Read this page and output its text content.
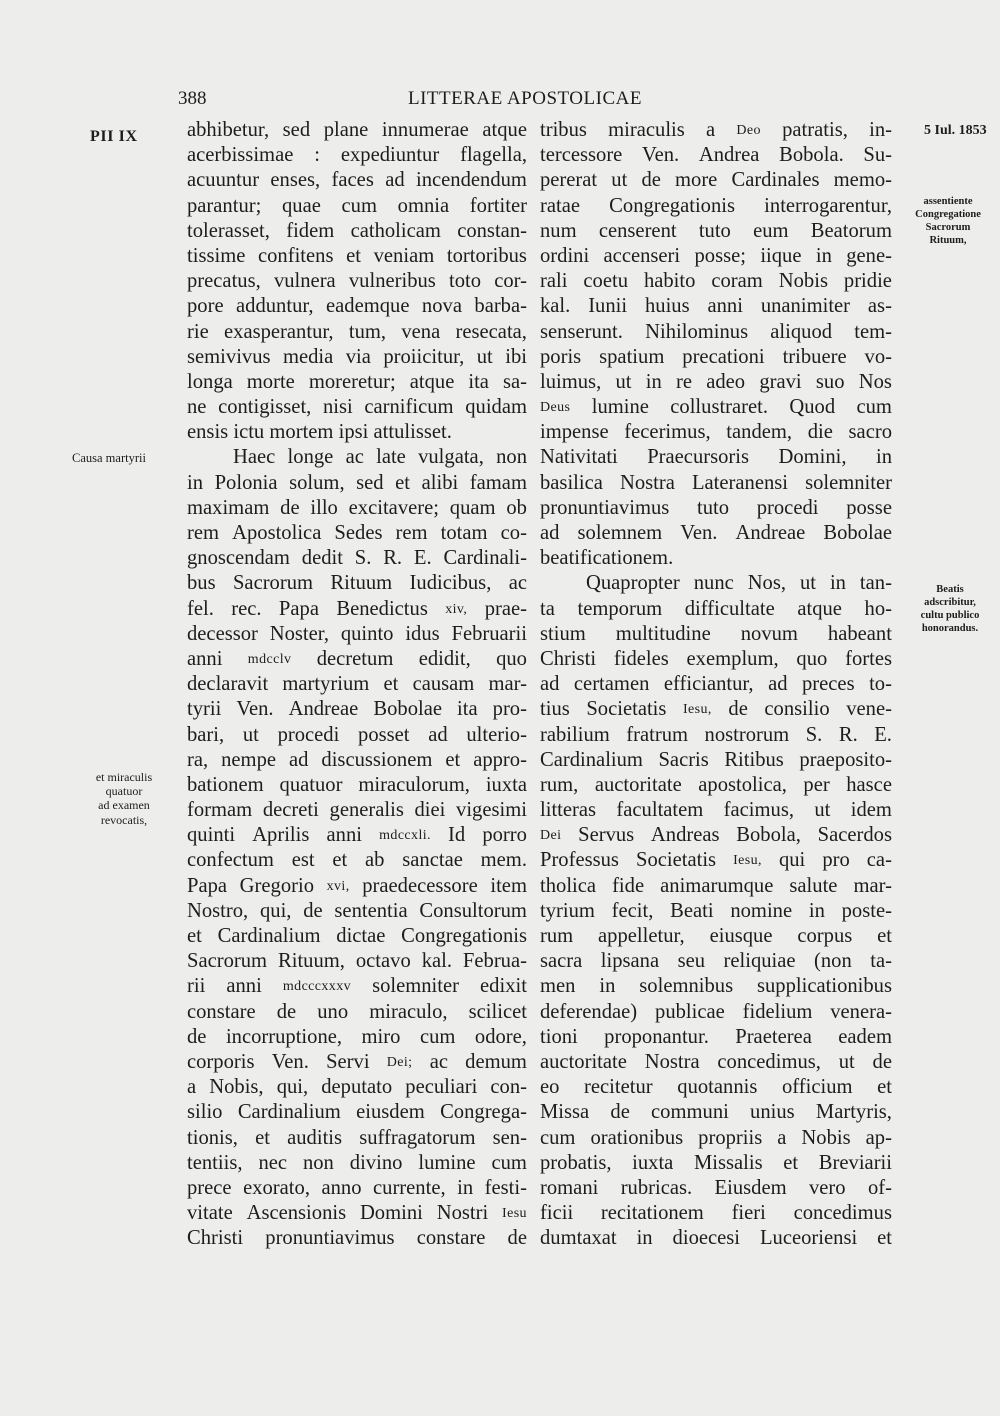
388	LITTERAE APOSTOLICAE
PII IX
Causa martyrii
et miraculis
quatuor
ad examen
revocatis,
5 Iul. 1853
assentiente
Congregatione
Sacrorum
Rituum,
Beatis
adscribitur,
cultu publico
honorandus.
abhibetur, sed plane innumerae atque
acerbissimae : expediuntur flagella,
acuuntur enses, faces ad incendendum
parantur; quae cum omnia fortiter
tolerasset, fidem catholicam constan-
tissime confitens et veniam tortoribus
precatus, vulnera vulneribus toto cor-
pore adduntur, eademque nova barba-
rie exasperantur, tum, vena resecata,
semivivus media via proiicitur, ut ibi
longa morte moreretur; atque ita sa-
ne contigisset, nisi carnificum quidam
ensis
ictu
mortem
ipsi
attulisset.
Haec longe ac late vulgata, non
in Polonia solum, sed et alibi famam
maximam de illo excitavere; quam ob
rem Apostolica Sedes rem totam co-
gnoscendam dedit S. R. E. Cardinali-
bus Sacrorum Rituum Iudicibus, ac
fel. rec. Papa Benedictus xiv, prae-
decessor Noster, quinto idus Februarii
anni mdcclv decretum edidit, quo
declaravit martyrium et causam mar-
tyrii Ven. Andreae Bobolae ita pro-
bari, ut procedi posset ad ulterio-
ra, nempe ad discussionem et appro-
bationem quatuor miraculorum, iuxta
formam decreti generalis diei vigesimi
quinti Aprilis anni mdccxli. Id porro
confectum est et ab sanctae mem.
Papa Gregorio xvi, praedecessore item
Nostro, qui, de sententia Consultorum
et Cardinalium dictae Congregationis
Sacrorum Rituum, octavo kal. Februa-
rii anni mdcccxxxv solemniter edixit
constare de uno miraculo, scilicet
de incorruptione, miro cum odore,
corporis Ven. Servi Dei; ac demum
a Nobis, qui, deputato peculiari con-
silio Cardinalium eiusdem Congrega-
tionis, et auditis suffragatorum sen-
tentiis, nec non divino lumine cum
prece exorato, anno currente, in festi-
vitate Ascensionis Domini Nostri Iesu
Christi pronuntiavimus constare de
tribus miraculis a Deo patratis, in-
tercessore Ven. Andrea Bobola. Su-
pererat ut de more Cardinales memo-
ratae Congregationis interrogarentur,
num censerent tuto eum Beatorum
ordini accenseri posse; iique in gene-
rali coetu habito coram Nobis pridie
kal. Iunii huius anni unanimiter as-
senserunt. Nihilominus aliquod tem-
poris spatium precationi tribuere vo-
luimus, ut in re adeo gravi suo Nos
Deus lumine collustraret. Quod cum
impense fecerimus, tandem, die sacro
Nativitati Praecursoris Domini, in
basilica Nostra Lateranensi solemniter
pronuntiavimus tuto procedi posse
ad solemnem Ven. Andreae Bobolae
beatificationem.
Quapropter nunc Nos, ut in tan-
ta temporum difficultate atque ho-
stium multitudine novum habeant
Christi fideles exemplum, quo fortes
ad certamen efficiantur, ad preces to-
tius Societatis Iesu, de consilio vene-
rabilium fratrum nostrorum S. R. E.
Cardinalium Sacris Ritibus praeposito-
rum, auctoritate apostolica, per hasce
litteras facultatem facimus, ut idem
Dei Servus Andreas Bobola, Sacerdos
Professus Societatis Iesu, qui pro ca-
tholica fide animarumque salute mar-
tyrium fecit, Beati nomine in poste-
rum appelletur, eiusque corpus et
sacra lipsana seu reliquiae (non ta-
men in solemnibus supplicationibus
deferendae) publicae fidelium venera-
tioni proponantur. Praeterea eadem
auctoritate Nostra concedimus, ut de
eo recitetur quotannis officium et
Missa de communi unius Martyris,
cum orationibus propriis a Nobis ap-
probatis, iuxta Missalis et Breviarii
romani rubricas. Eiusdem vero of-
ficii recitationem fieri concedimus
dumtaxat in dioecesi Luceoriensi et
